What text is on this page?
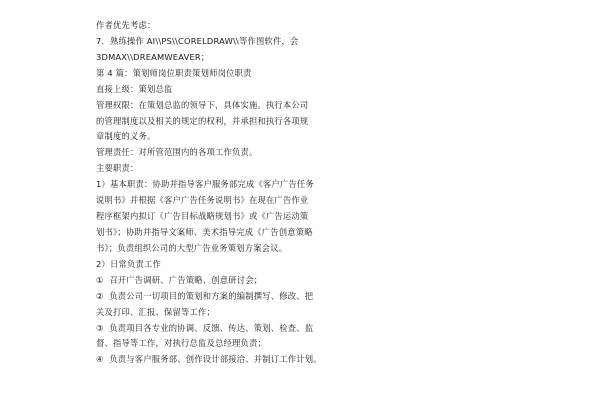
作者优先考虑：

7．熟练操作 AI\\PS\\CORELDRAW\\等作图软件，会

3DMAX\\DREAMWEAVER；

第 4 篇：策划师岗位职责策划师岗位职责

直接上级：策划总监

管理权限：在策划总监的领导下，具体实施。执行本公司

的管理制度以及相关的规定的权利，并承担和执行各项规

章制度的义务。

管理责任：对所管范围内的各项工作负责。

主要职责：

1）基本职责：协助并指导客户服务部完成《客户广告任务

说明书》并根据《客户广告任务说明书》在现在广告作业

程序框架内拟订《广告目标战略规划书》或《广告运动策

划书》；协助并指导文案师、美术指导完成《广告创意策略

书》；负责组织公司的大型广告业务策划方案会议。

2）日常负责工作

①  召开广告调研、广告策略、创意研讨会；

②  负责公司一切项目的策划和方案的编制撰写、修改、把

关及打印、汇报、保留等工作；

③  负责项目各专业的协调、反馈、传达、策划、检查、监

督、指导等工作，对执行总监及总经理负责；

④  负责与客户服务部、创作设计部接洽、并制订工作计划。
